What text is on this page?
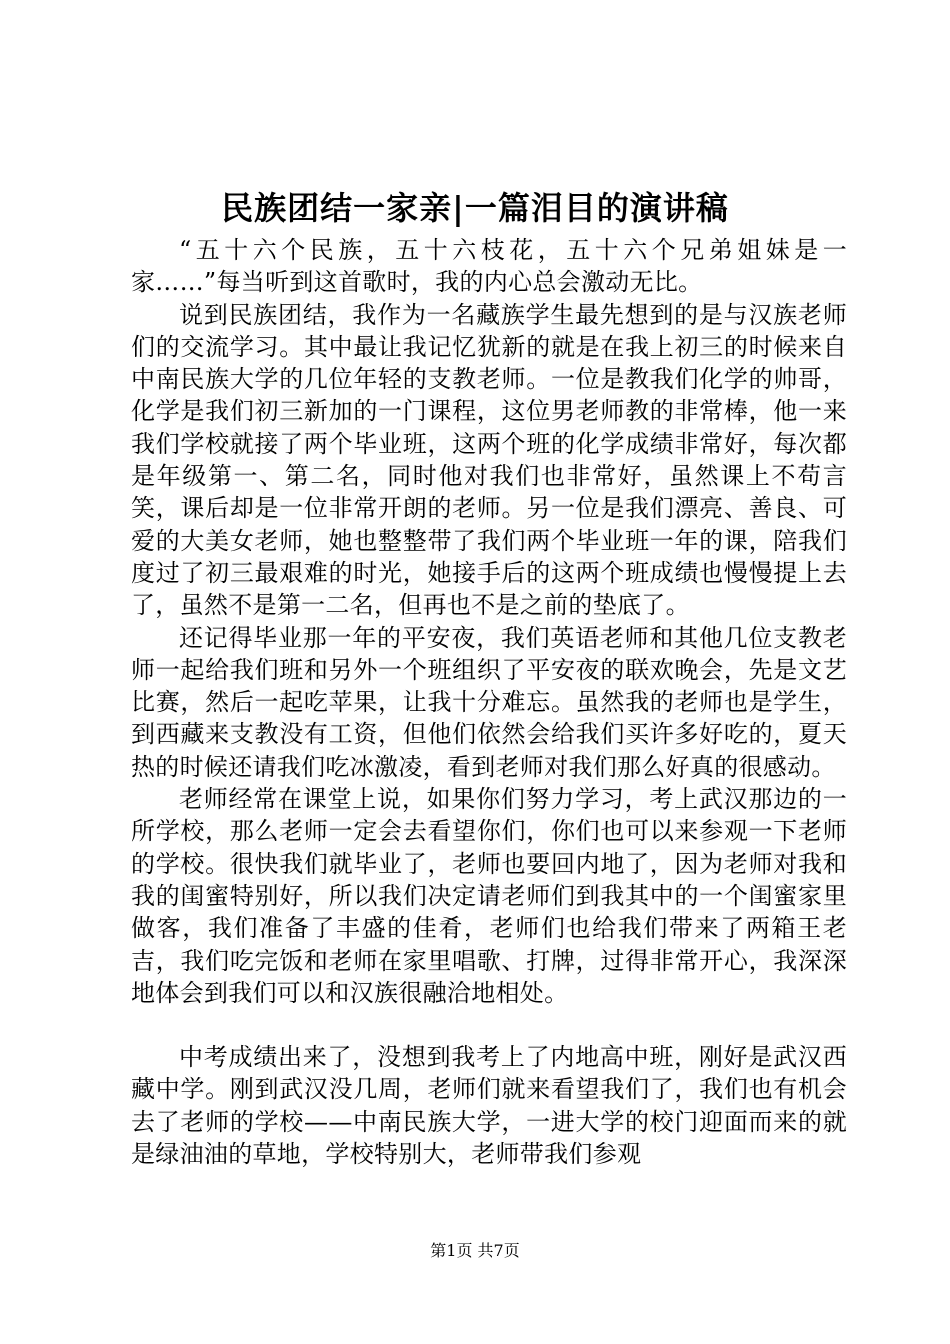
民族团结一家亲|一篇泪目的演讲稿

“五十六个民族，五十六枝花，五十六个兄弟姐妹是一家……”每当听到这首歌时，我的内心总会激动无比。

说到民族团结，我作为一名藏族学生最先想到的是与汉族老师们的交流学习。其中最让我记忆犹新的就是在我上初三的时候来自中南民族大学的几位年轻的支教老师。一位是教我们化学的帅哥，化学是我们初三新加的一门课程，这位男老师教的非常棒，他一来我们学校就接了两个毕业班，这两个班的化学成绩非常好，每次都是年级第一、第二名，同时他对我们也非常好，虽然课上不苟言笑，课后却是一位非常开朗的老师。另一位是我们漂亮、善良、可爱的大美女老师，她也整整带了我们两个毕业班一年的课，陪我们度过了初三最艰难的时光，她接手后的这两个班成绩也慢慢提上去了，虽然不是第一二名，但再也不是之前的垫底了。

还记得毕业那一年的平安夜，我们英语老师和其他几位支教老师一起给我们班和另外一个班组织了平安夜的联欢晚会，先是文艺比赛，然后一起吃苹果，让我十分难忘。虽然我的老师也是学生，到西藏来支教没有工资，但他们依然会给我们买许多好吃的，夏天热的时候还请我们吃冰激凌，看到老师对我们那么好真的很感动。

老师经常在课堂上说，如果你们努力学习，考上武汉那边的一所学校，那么老师一定会去看望你们，你们也可以来参观一下老师的学校。很快我们就毕业了，老师也要回内地了，因为老师对我和我的闺蜜特别好，所以我们决定请老师们到我其中的一个闺蜜家里做客，我们准备了丰盛的佳肴，老师们也给我们带来了两箱王老吉，我们吃完饭和老师在家里唱歌、打牌，过得非常开心，我深深地体会到我们可以和汉族很融洽地相处。

中考成绩出来了，没想到我考上了内地高中班，刚好是武汉西藏中学。刚到武汉没几周，老师们就来看望我们了，我们也有机会去了老师的学校——中南民族大学，一进大学的校门迎面而来的就是绿油油的草地，学校特别大，老师带我们参观

第1页 共7页
